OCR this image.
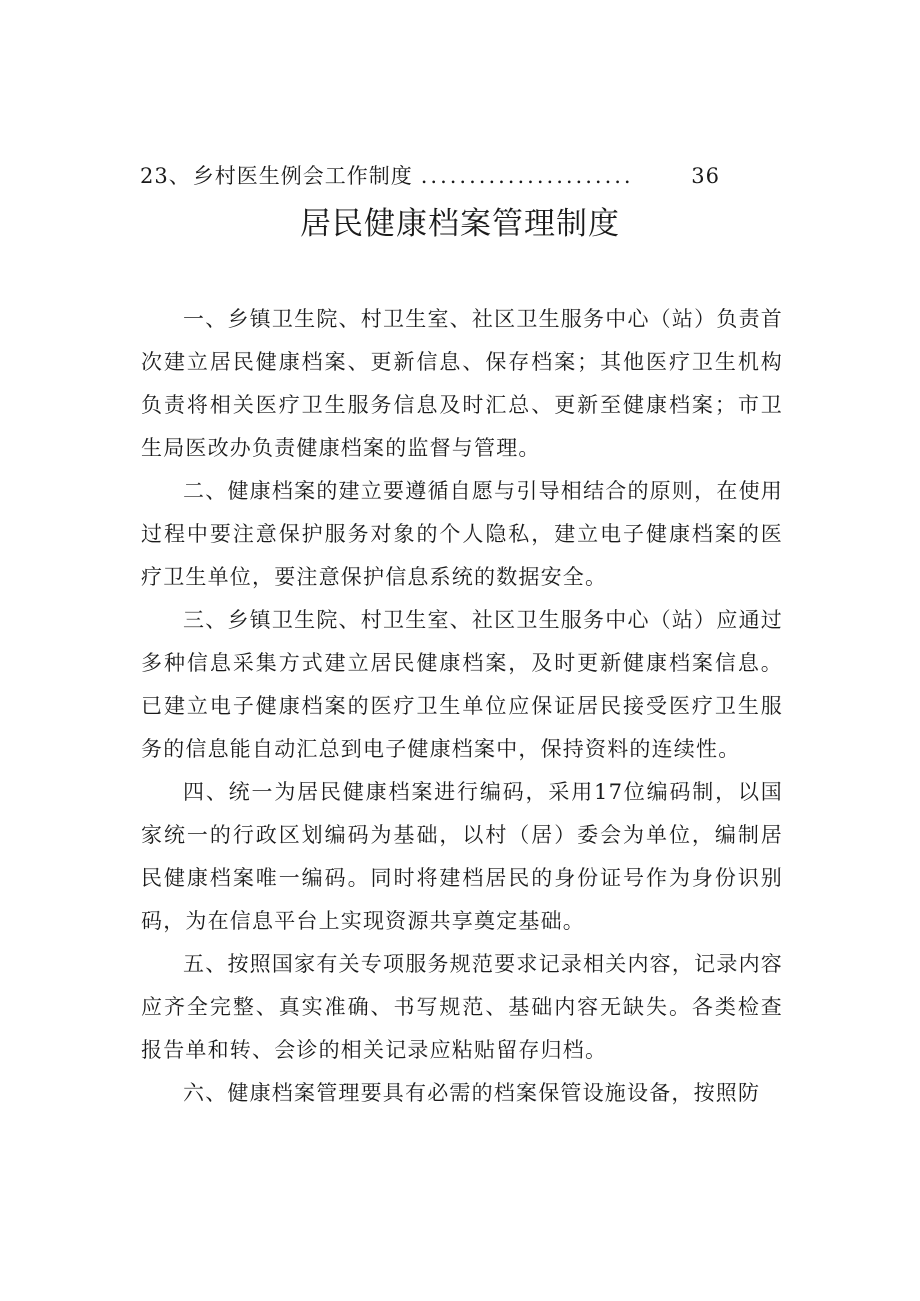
23、 乡村医生例会工作制度 ......................	36
居民健康档案管理制度

一、乡镇卫生院、村卫生室、社区卫生服务中心（站）负责首次建立居民健康档案、更新信息、保存档案；其他医疗卫生机构负责将相关医疗卫生服务信息及时汇总、更新至健康档案；市卫生局医改办负责健康档案的监督与管理。

二、健康档案的建立要遵循自愿与引导相结合的原则，在使用过程中要注意保护服务对象的个人隐私，建立电子健康档案的医疗卫生单位，要注意保护信息系统的数据安全。

三、乡镇卫生院、村卫生室、社区卫生服务中心（站）应通过多种信息采集方式建立居民健康档案，及时更新健康档案信息。已建立电子健康档案的医疗卫生单位应保证居民接受医疗卫生服务的信息能自动汇总到电子健康档案中，保持资料的连续性。

四、统一为居民健康档案进行编码，采用17位编码制，以国家统一的行政区划编码为基础，以村（居）委会为单位，编制居民健康档案唯一编码。同时将建档居民的身份证号作为身份识别码，为在信息平台上实现资源共享奠定基础。

五、按照国家有关专项服务规范要求记录相关内容，记录内容应齐全完整、真实准确、书写规范、基础内容无缺失。各类检查报告单和转、会诊的相关记录应粘贴留存归档。

六、健康档案管理要具有必需的档案保管设施设备，按照防
